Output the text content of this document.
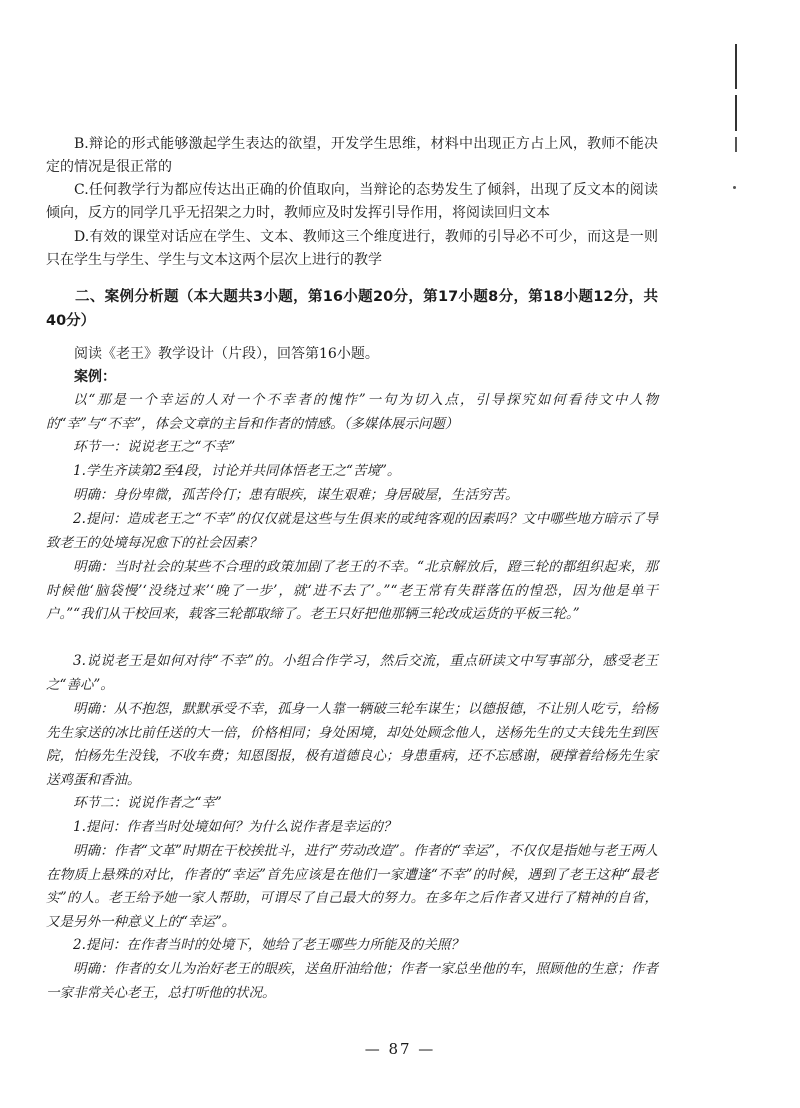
B.辩论的形式能够激起学生表达的欲望，开发学生思维，材料中出现正方占上风，教师不能决定的情况是很正常的

C.任何教学行为都应传达出正确的价值取向，当辩论的态势发生了倾斜，出现了反文本的阅读倾向，反方的同学几乎无招架之力时，教师应及时发挥引导作用，将阅读回归文本

D.有效的课堂对话应在学生、文本、教师这三个维度进行，教师的引导必不可少，而这是一则只在学生与学生、学生与文本这两个层次上进行的教学

二、案例分析题（本大题共3小题，第16小题20分，第17小题8分，第18小题12分，共40分）

阅读《老王》教学设计（片段），回答第16小题。

案例：

以“那是一个幸运的人对一个不幸者的愧怍”一句为切入点，引导探究如何看待文中人物的“幸”与“不幸”，体会文章的主旨和作者的情感。（多媒体展示问题）

环节一：说说老王之“不幸”

1.学生齐读第2至4段，讨论并共同体悟老王之“苦境”。

明确：身份卑微，孤苦伶仃；患有眼疾，谋生艰难；身居破屋，生活穷苦。

2.提问：造成老王之“不幸”的仅仅就是这些与生俱来的或纯客观的因素吗？文中哪些地方暗示了导致老王的处境每况愈下的社会因素？

明确：当时社会的某些不合理的政策加剧了老王的不幸。“北京解放后，蹬三轮的都组织起来，那时候他‘脑袋慢’‘没绕过来’‘晚了一步’，就‘进不去了’。”“老王常有失群落伍的惶恐，因为他是单干户。”“我们从干校回来，载客三轮都取缔了。老王只好把他那辆三轮改成运货的平板三轮。”

3.说说老王是如何对待“不幸”的。小组合作学习，然后交流，重点研读文中写事部分，感受老王之“善心”。

明确：从不抱怨，默默承受不幸，孤身一人靠一辆破三轮车谋生；以德报德，不让别人吃亏，给杨先生家送的冰比前任送的大一倍，价格相同；身处困境，却处处顾念他人，送杨先生的丈夫钱先生到医院，怕杨先生没钱，不收车费；知恩图报，极有道德良心；身患重病，还不忘感谢，硬撑着给杨先生家送鸡蛋和香油。

环节二：说说作者之“幸”

1.提问：作者当时处境如何？为什么说作者是幸运的？

明确：作者“文革”时期在干校挨批斗，进行“劳动改造”。作者的“幸运”，不仅仅是指她与老王两人在物质上悬殊的对比，作者的“幸运”首先应该是在他们一家遭逢“不幸”的时候，遇到了老王这种“最老实”的人。老王给予她一家人帮助，可谓尽了自己最大的努力。在多年之后作者又进行了精神的自省，又是另外一种意义上的“幸运”。

2.提问：在作者当时的处境下，她给了老王哪些力所能及的关照？

明确：作者的女儿为治好老王的眼疾，送鱼肝油给他；作者一家总坐他的车，照顾他的生意；作者一家非常关心老王，总打听他的状况。

— 87 —
